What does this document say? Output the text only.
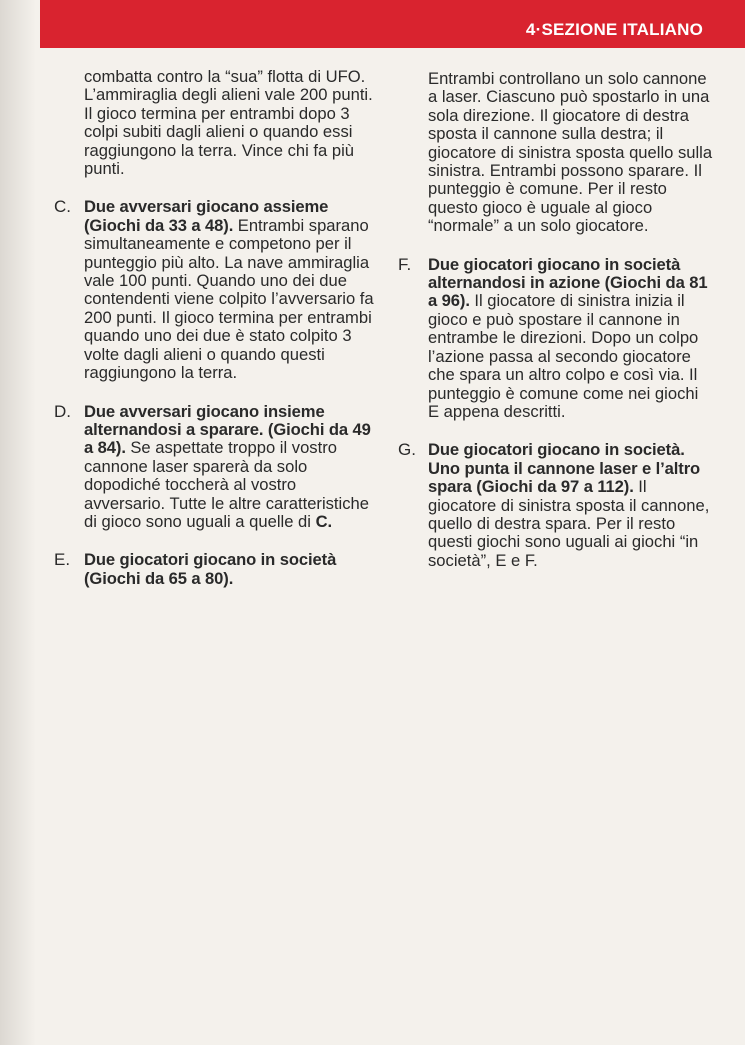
4·SEZIONE ITALIANO

combatta contro la “sua” flotta di UFO. L’ammiraglia degli alieni vale 200 punti. Il gioco termina per entrambi dopo 3 colpi subiti dagli alieni o quando essi raggiungono la terra. Vince chi fa più punti.

C. Due avversari giocano assieme (Giochi da 33 a 48). Entrambi sparano simultaneamente e competono per il punteggio più alto. La nave ammiraglia vale 100 punti. Quando uno dei due contendenti viene colpito l’avversario fa 200 punti. Il gioco termina per entrambi quando uno dei due è stato colpito 3 volte dagli alieni o quando questi raggiungono la terra.
D. Due avversari giocano insieme alternandosi a sparare. (Giochi da 49 a 84). Se aspettate troppo il vostro cannone laser sparerà da solo dopodiché toccherà al vostro avversario. Tutte le altre caratteristiche di gioco sono uguali a quelle di C.
E. Due giocatori giocano in società (Giochi da 65 a 80).

Entrambi controllano un solo cannone a laser. Ciascuno può spostarlo in una sola direzione. Il giocatore di destra sposta il cannone sulla destra; il giocatore di sinistra sposta quello sulla sinistra. Entrambi possono sparare. Il punteggio è comune. Per il resto questo gioco è uguale al gioco “normale” a un solo giocatore.

F. Due giocatori giocano in società alternandosi in azione (Giochi da 81 a 96). Il giocatore di sinistra inizia il gioco e può spostare il cannone in entrambe le direzioni. Dopo un colpo l’azione passa al secondo giocatore che spara un altro colpo e così via. Il punteggio è comune come nei giochi E appena descritti.
G. Due giocatori giocano in società. Uno punta il cannone laser e l’altro spara (Giochi da 97 a 112). Il giocatore di sinistra sposta il cannone, quello di destra spara. Per il resto questi giochi sono uguali ai giochi “in società”, E e F.
